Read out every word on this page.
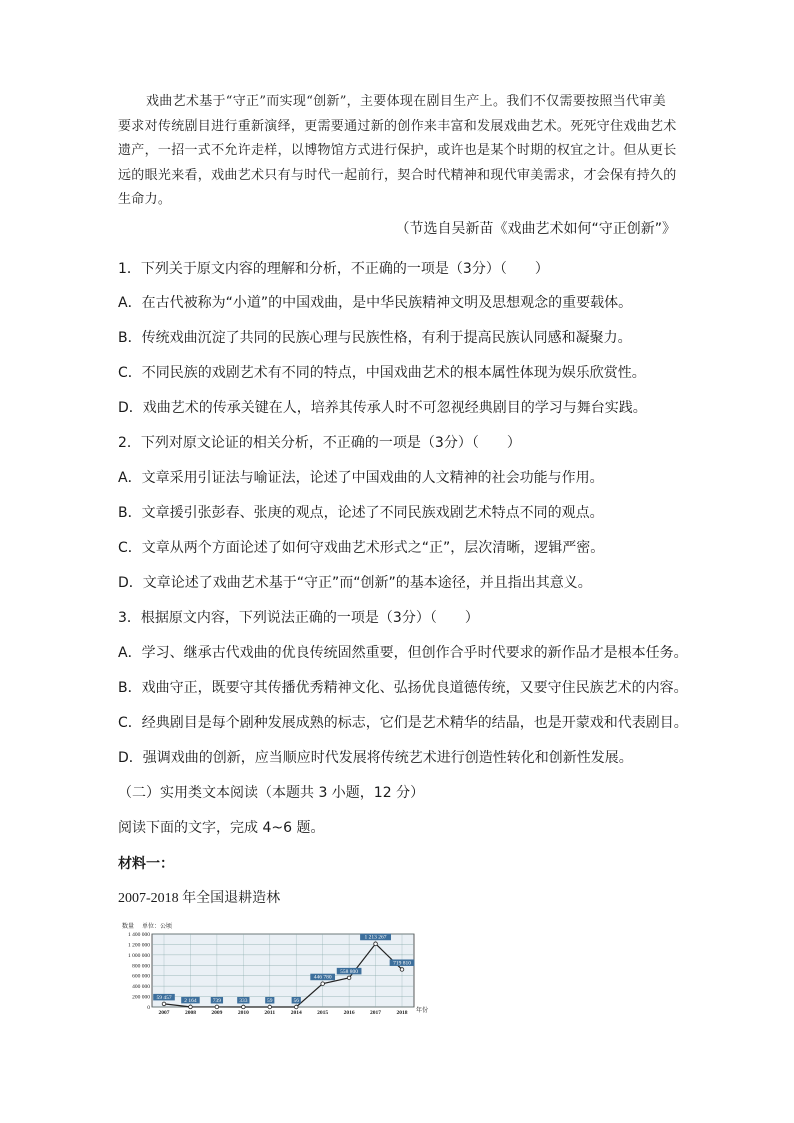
戏曲艺术基于“守正”而实现“创新”，主要体现在剧目生产上。我们不仅需要按照当代审美要求对传统剧目进行重新演绎，更需要通过新的创作来丰富和发展戏曲艺术。死死守住戏曲艺术遗产，一招一式不允许走样，以博物馆方式进行保护，或许也是某个时期的权宜之计。但从更长远的眼光来看，戏曲艺术只有与时代一起前行，契合时代精神和现代审美需求，才会保有持久的生命力。
（节选自吴新苗《戏曲艺术如何“守正创新”》
1．下列关于原文内容的理解和分析，不正确的一项是（3分）（　　）
A．在古代被称为“小道”的中国戏曲，是中华民族精神文明及思想观念的重要载体。
B．传统戏曲沉淀了共同的民族心理与民族性格，有利于提高民族认同感和凝聚力。
C．不同民族的戏剧艺术有不同的特点，中国戏曲艺术的根本属性体现为娱乐欣赏性。
D．戏曲艺术的传承关键在人，培养其传承人时不可忽视经典剧目的学习与舞台实践。
2．下列对原文论证的相关分析，不正确的一项是（3分）（　　）
A．文章采用引证法与喻证法，论述了中国戏曲的人文精神的社会功能与作用。
B．文章援引张彭春、张庚的观点，论述了不同民族戏剧艺术特点不同的观点。
C．文章从两个方面论述了如何守戏曲艺术形式之“正”，层次清晰，逻辑严密。
D．文章论述了戏曲艺术基于“守正”而“创新”的基本途径，并且指出其意义。
3．根据原文内容，下列说法正确的一项是（3分）（　　）
A．学习、继承古代戏曲的优良传统固然重要，但创作合乎时代要求的新作品才是根本任务。
B．戏曲守正，既要守其传播优秀精神文化、弘扬优良道德传统，又要守住民族艺术的内容。
C．经典剧目是每个剧种发展成熟的标志，它们是艺术精华的结晶，也是开蒙戏和代表剧目。
D．强调戏曲的创新，应当顺应时代发展将传统艺术进行创造性转化和创新性发展。
（二）实用类文本阅读（本题共 3 小题，12 分）
阅读下面的文字，完成 4~6 题。
材料一：
2007-2018 年全国退耕造林
数量 单位：公顷
年份
0
200 000
400 000
600 000
800 000
1 000 000
1 200 000
1 400 000
2007	2008	2009	2010	2011	2014	2015	2016	2017	2018
59 457 2 164	739	333	59	56
446 780
558 800
1 213 267
719 810
